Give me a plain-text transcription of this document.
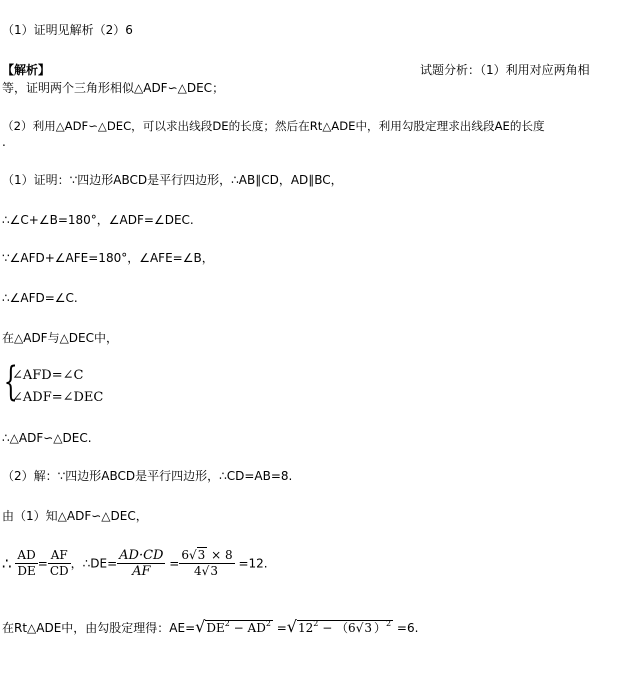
（1）证明见解析（2）6
【解析】	试题分析：（1）利用对应两角相
等，证明两个三角形相似△ADF∽△DEC；
（2）利用△ADF∽△DEC，可以求出线段DE的长度；然后在Rt△ADE中，利用勾股定理求出线段AE的长度
.
（1）证明：∵四边形ABCD是平行四边形，∴AB∥CD，AD∥BC，
∴∠C+∠B=180°，∠ADF=∠DEC.
∵∠AFD+∠AFE=180°，∠AFE=∠B，
∴∠AFD=∠C.
在△ADF与△DEC中，
{
∠AFD=∠C
∠ADF=∠DEC
∴△ADF∽△DEC.
（2）解：∵四边形ABCD是平行四边形，∴CD=AB=8.
由（1）知△ADF∽△DEC，
∴ $\frac{AD}{DE} = \frac{AF}{CD}$ ，∴DE= $\frac{AD\cdot CD}{AF} = \frac{6√3 \times 8}{4√3} =12$.
在Rt△ADE中，由勾股定理得：$AE=√DE^2 - AD^2 =√12^2 - (6√3$ ）$^2$ =6.
